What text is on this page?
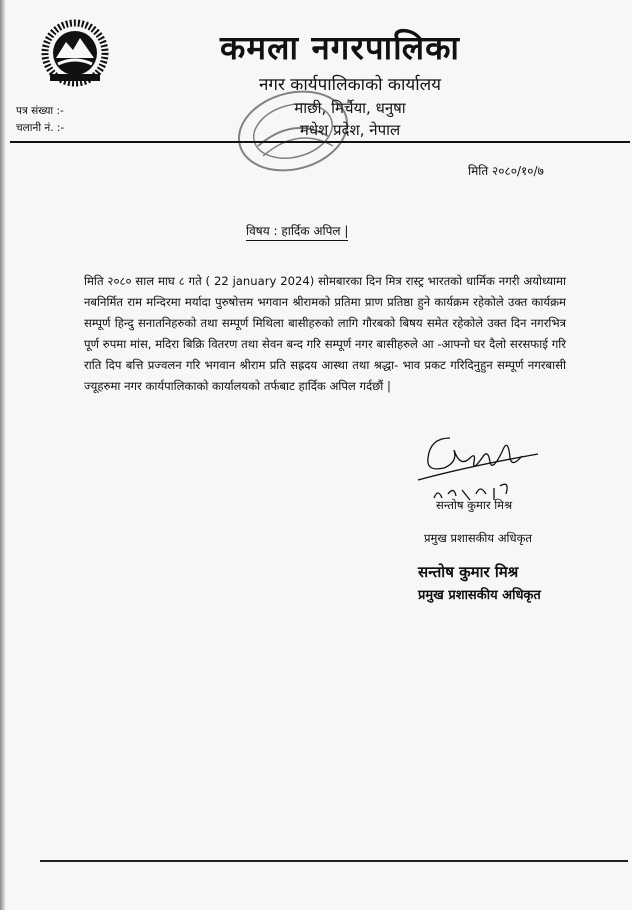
कमला नगरपालिका
नगर कार्यपालिकाको कार्यालय
माछी, मिर्चैया, धनुषा
मधेश प्रदेश, नेपाल
पत्र संख्या :-
चलानी नं. :-
मिति २०८०/१०/७
विषय : हार्दिक अपिल |
मिति २०८० साल माघ ८ गते ( 22 january 2024) सोमबारका दिन मित्र रास्ट्र भारतको धार्मिक नगरी अयोध्यामा नबनिर्मित राम मन्दिरमा मर्यादा पुरुषोत्तम भगवान श्रीरामको प्रतिमा प्राण प्रतिष्ठा हुने कार्यक्रम रहेकोले उक्त कार्यक्रम सम्पूर्ण हिन्दु सनातनिहरुको तथा सम्पूर्ण मिथिला बासीहरुको लागि गौरबको बिषय समेत रहेकोले उक्त दिन नगरभित्र पूर्ण रुपमा मांस, मदिरा बिक्रि वितरण तथा सेवन बन्द गरि सम्पूर्ण नगर बासीहरुले आ -आफ्नो घर दैलो सरसफाई गरि राति दिप बत्ति प्रज्वलन गरि भगवान श्रीराम प्रति सह्रदय आस्था तथा श्रद्धा- भाव प्रकट गरिदिनुहुन सम्पूर्ण नगरबासी ज्यूहरुमा नगर कार्यपालिकाको कार्यालयको तर्फबाट हार्दिक अपिल गर्दछौं |
सन्तोष कुमार मिश्र
प्रमुख प्रशासकीय अधिकृत
सन्तोष कुमार मिश्र
प्रमुख प्रशासकीय अधिकृत
